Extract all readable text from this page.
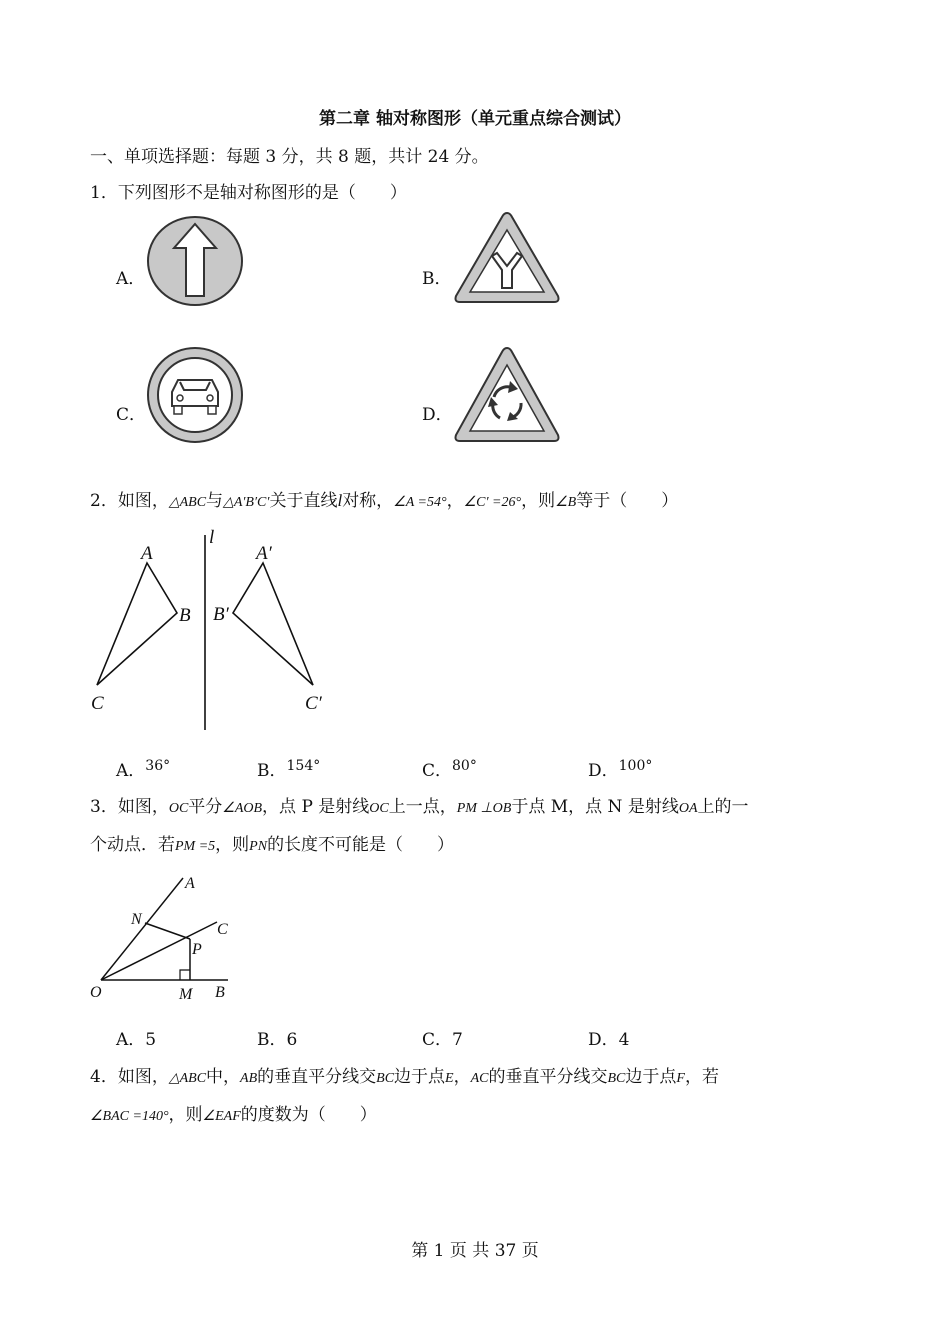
第二章 轴对称图形（单元重点综合测试）
一、单项选择题：每题 3 分，共 8 题，共计 24 分。
1．下列图形不是轴对称图形的是（　　）
A．	B．
C．	D．
2．如图，△ABC与△A′B′C′关于直线l对称，∠A =54°，∠C′ =26°，则∠B等于（　　）
A
B
C
l
A′
B′
C′
A．$^{36^\circ}$	B．$^{154^\circ}$	C．$^{80^\circ}$	D．$^{100^\circ}$
3．如图，OC平分∠AOB，点 P 是射线OC上一点，PM ⊥OB于点 M，点 N 是射线OA上的一
个动点．若PM =5，则PN的长度不可能是（　　）
A
N
C
P
O	M B
A．5	B．6	C．7	D．4
4．如图，△ABC中，AB的垂直平分线交BC边于点E，AC的垂直平分线交BC边于点F，若
∠BAC =140°，则∠EAF的度数为（　　）
第 1 页 共 37 页
